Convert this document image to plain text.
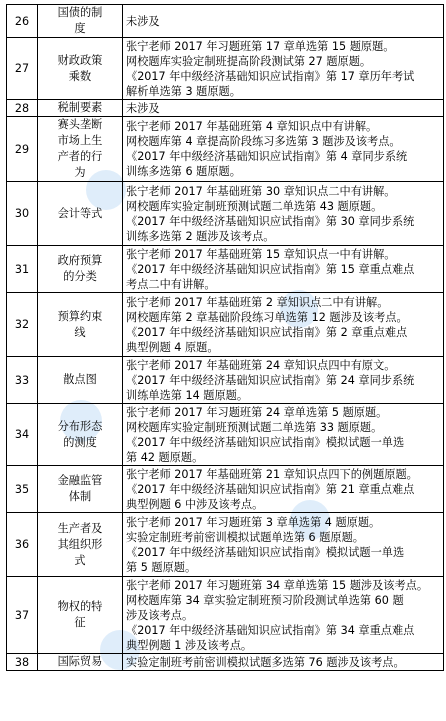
26	国债的制
度	未涉及

27	财政政策
乘数	张宁老师 2017 年习题班第 17 章单选第 15 题原题。
网校题库实验定制班提高阶段测试第 27 题原题。
《2017 年中级经济基础知识应试指南》第 17 章历年考试
解析单选第 3 题原题。

28	税制要素	未涉及

29	赛头垄断
市场上生
产者的行
为	张宁老师 2017 年基础班第 4 章知识点中有讲解。
网校题库第 4 章提高阶段练习多选第 3 题涉及该考点。
《2017 年中级经济基础知识应试指南》第 4 章同步系统
训练多选第 6 题原题。

30	会计等式	张宁老师 2017 年基础班第 30 章知识点二中有讲解。
网校题库实验定制班预测试题二单选第 43 题原题。
《2017 年中级经济基础知识应试指南》第 30 章同步系统
训练多选第 2 题涉及该考点。

31	政府预算
的分类	张宁老师 2017 年基础班第 15 章知识点一中有讲解。
《2017 年中级经济基础知识应试指南》第 15 章重点难点
考点二中有讲解。

32	预算约束
线	张宁老师 2017 年基础班第 2 章知识点二中有讲解。
网校题库第 2 章基础阶段练习单选第 12 题涉及该考点。
《2017 年中级经济基础知识应试指南》第 2 章重点难点
典型例题 4 原题。

33	散点图	张宁老师 2017 年基础班第 24 章知识点四中有原文。
《2017 年中级经济基础知识应试指南》第 24 章同步系统
训练单选第 14 题原题。

34	分布形态
的测度	张宁老师 2017 年习题班第 24 章单选第 5 题原题。
网校题库实验定制班预测试题二单选第 33 题原题。
《2017 年中级经济基础知识应试指南》模拟试题一单选
第 42 题原题。

35	金融监管
体制	张宁老师 2017 年基础班第 21 章知识点四下的例题原题。
《2017 年中级经济基础知识应试指南》第 21 章重点难点
典型例题 6 中涉及该考点。

36	生产者及
其组织形
式	张宁老师 2017 年习题班第 3 章单选第 4 题原题。
实验定制班考前密训模拟试题单选第 6 题原题。
《2017 年中级经济基础知识应试指南》模拟试题一单选
第 5 题原题。

37	物权的特
征	张宁老师 2017 年习题班第 34 章单选第 15 题涉及该考点。
网校题库第 34 章实验定制班预习阶段测试单选第 60 题
涉及该考点。
《2017 年中级经济基础知识应试指南》第 34 章重点难点
典型例题 1 涉及该考点。

38	国际贸易	实验定制班考前密训模拟试题多选第 76 题涉及该考点。
